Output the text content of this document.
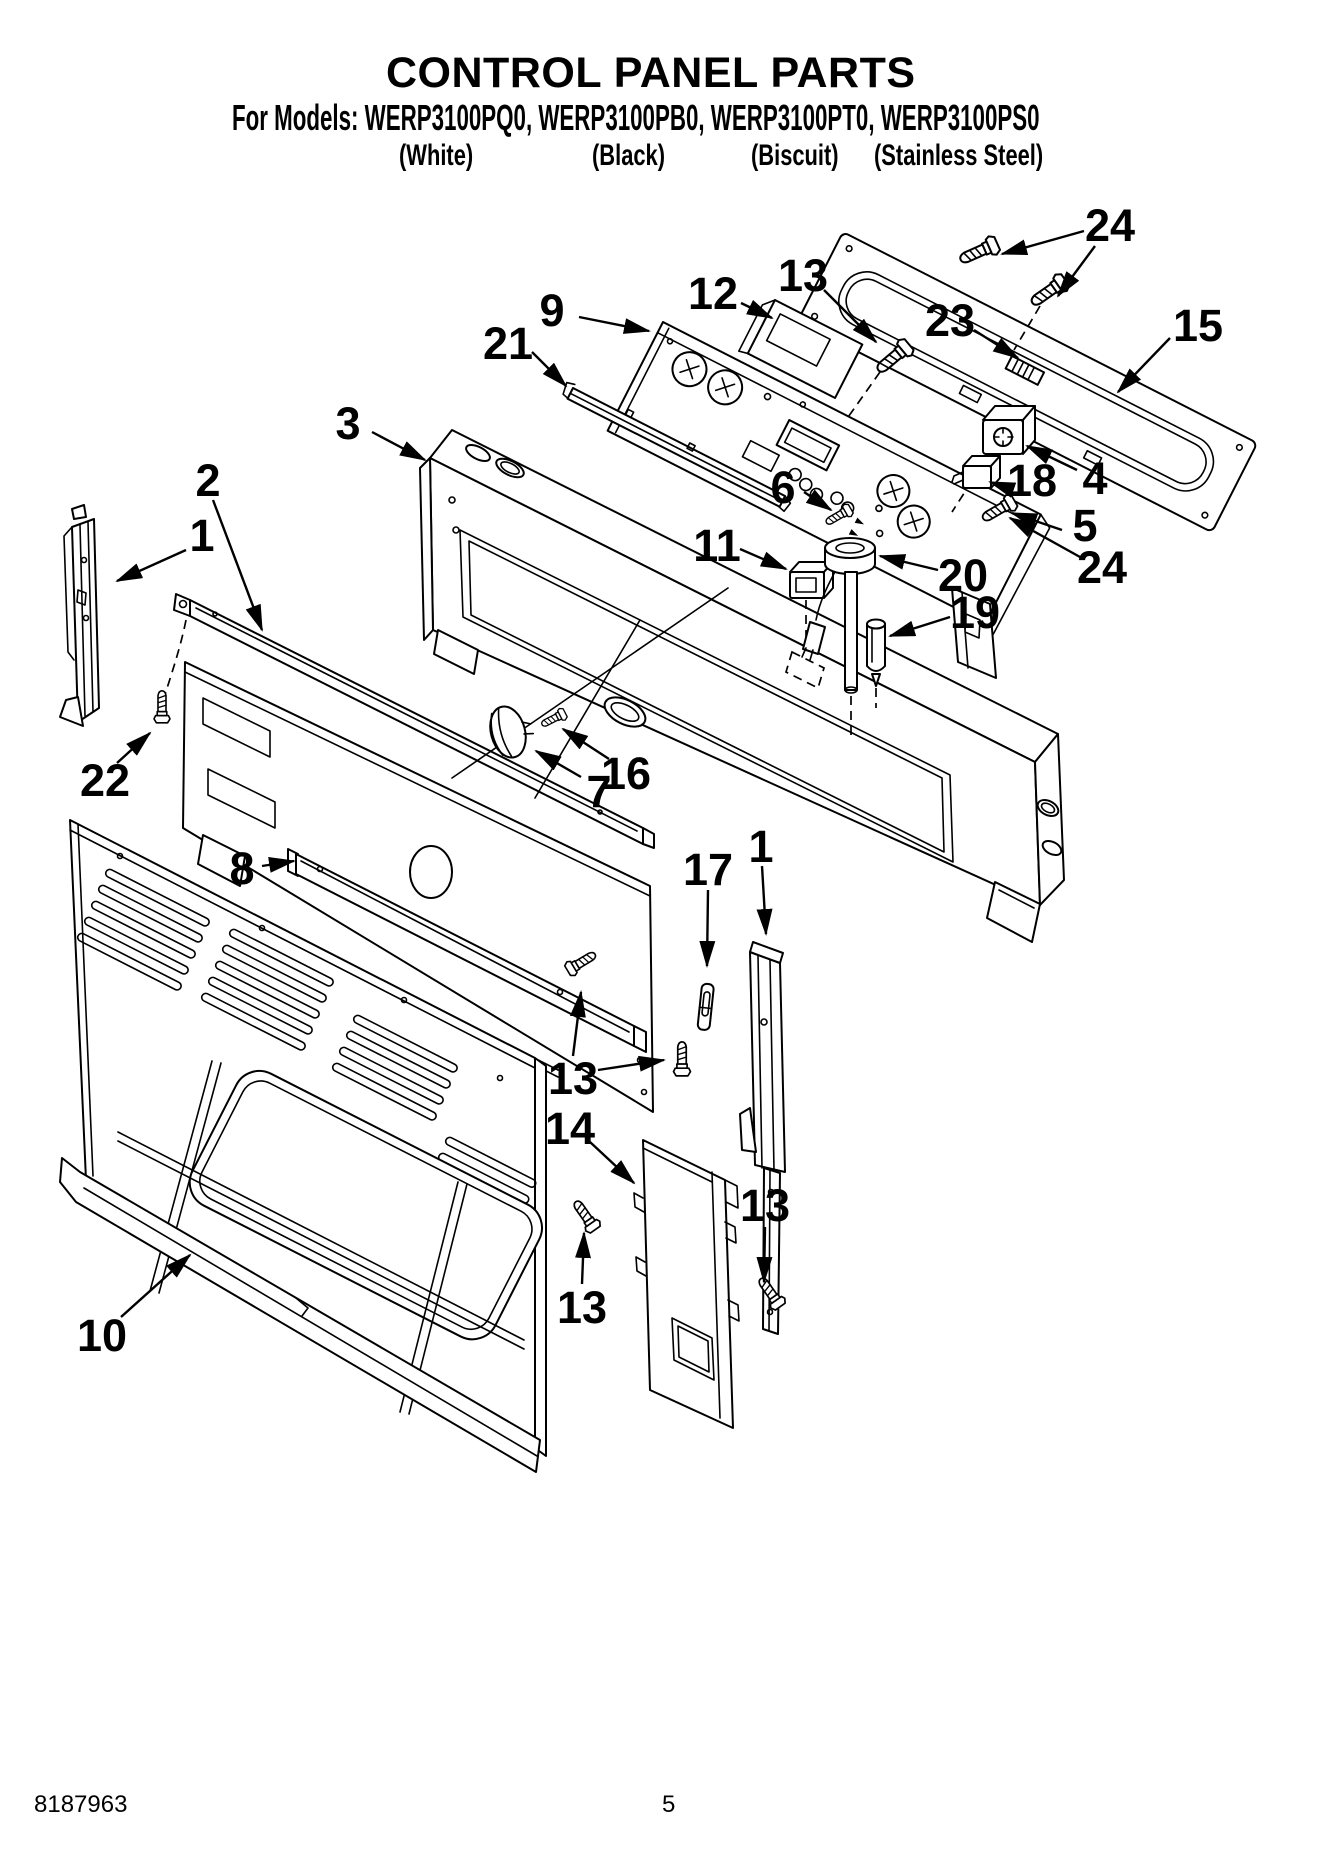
CONTROL PANEL PARTS
For Models: WERP3100PQ0, WERP3100PB0, WERP3100PT0, WERP3100PS0
(White)	(Black)	(Biscuit) (Stainless Steel)
24
15
13
12
9
21	23
3
2
1
4
18
5
24
6
11
20
19
22	16
7
8	17 1
13
14
13
13
10
8187963	5
